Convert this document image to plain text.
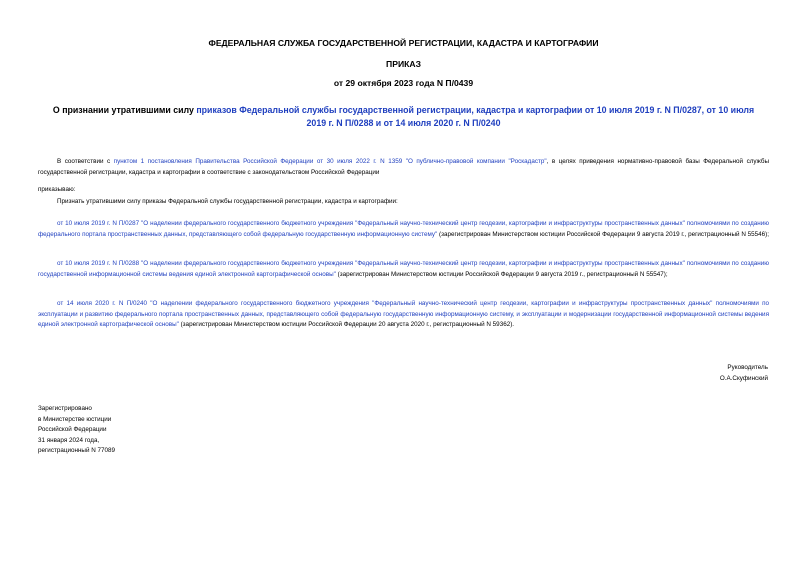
ФЕДЕРАЛЬНАЯ СЛУЖБА ГОСУДАРСТВЕННОЙ РЕГИСТРАЦИИ, КАДАСТРА И КАРТОГРАФИИ
ПРИКАЗ
от 29 октября 2023 года N П/0439
О признании утратившими силу приказов Федеральной службы государственной регистрации, кадастра и картографии от 10 июля 2019 г. N П/0287, от 10 июля 2019 г. N П/0288 и от 14 июля 2020 г. N П/0240
В соответствии с пунктом 1 постановления Правительства Российской Федерации от 30 июля 2022 г. N 1359 "О публично-правовой компании "Роскадастр", в целях приведения нормативно-правовой базы Федеральной службы государственной регистрации, кадастра и картографии в соответствие с законодательством Российской Федерации
приказываю:
Признать утратившими силу приказы Федеральной службы государственной регистрации, кадастра и картографии:
от 10 июля 2019 г. N П/0287 "О наделении федерального государственного бюджетного учреждения "Федеральный научно-технический центр геодезии, картографии и инфраструктуры пространственных данных" полномочиями по созданию федерального портала пространственных данных, представляющего собой федеральную государственную информационную систему" (зарегистрирован Министерством юстиции Российской Федерации 9 августа 2019 г., регистрационный N 55546);
от 10 июля 2019 г. N П/0288 "О наделении федерального государственного бюджетного учреждения "Федеральный научно-технический центр геодезии, картографии и инфраструктуры пространственных данных" полномочиями по созданию государственной информационной системы ведения единой электронной картографической основы" (зарегистрирован Министерством юстиции Российской Федерации 9 августа 2019 г., регистрационный N 55547);
от 14 июля 2020 г. N П/0240 "О наделении федерального государственного бюджетного учреждения "Федеральный научно-технический центр геодезии, картографии и инфраструктуры пространственных данных" полномочиями по эксплуатации и развитию федерального портала пространственных данных, представляющего собой федеральную государственную информационную систему, и эксплуатации и модернизации государственной информационной системы ведения единой электронной картографической основы" (зарегистрирован Министерством юстиции Российской Федерации 20 августа 2020 г., регистрационный N 59362).
Руководитель
О.А.Скуфинский
Зарегистрировано
в Министерстве юстиции
Российской Федерации
31 января 2024 года,
регистрационный N 77089
